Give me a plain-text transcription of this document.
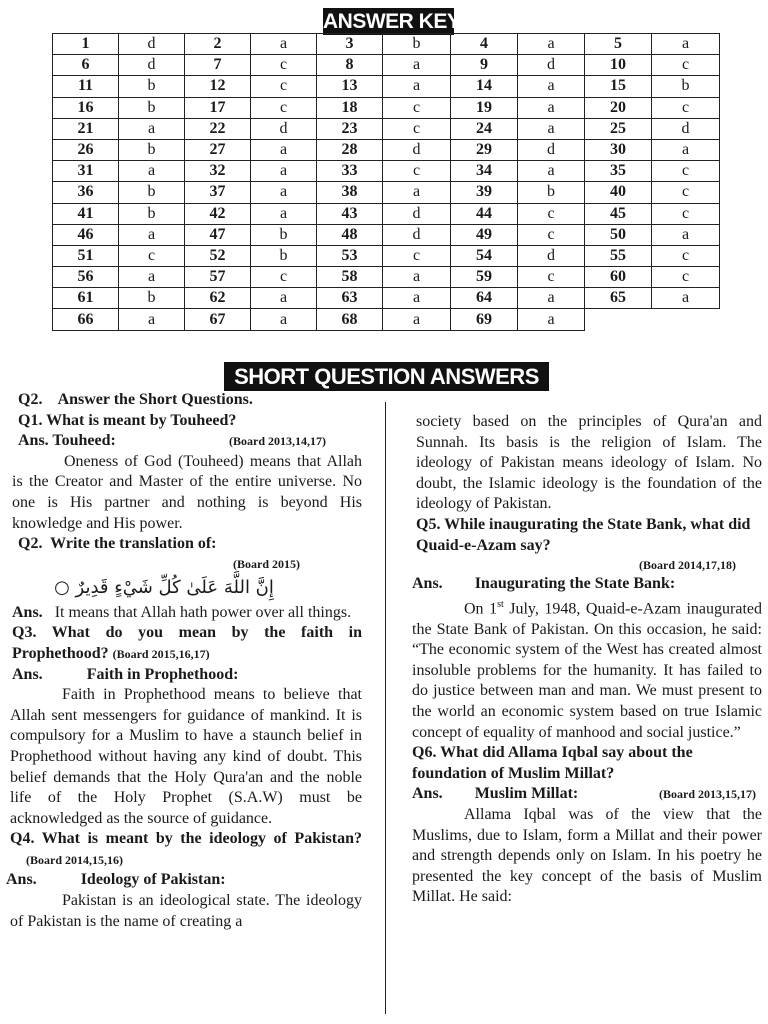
ANSWER KEY
1	d	2	a	3	b	4	a	5	a
6	d	7	c	8	a	9	d	10	c
11	b	12	c	13	a	14	a	15	b
16	b	17	c	18	c	19	a	20	c
21	a	22	d	23	c	24	a	25	d
26	b	27	a	28	d	29	d	30	a
31	a	32	a	33	c	34	a	35	c
36	b	37	a	38	a	39	b	40	c
41	b	42	a	43	d	44	c	45	c
46	a	47	b	48	d	49	c	50	a
51	c	52	b	53	c	54	d	55	c
56	a	57	c	58	a	59	c	60	c
61	b	62	a	63	a	64	a	65	a
66	a	67	a	68	a	69	a		
SHORT QUESTION ANSWERS
Q2.    Answer the Short Questions.
Q1. What is meant by Touheed?
Ans. Touheed:	(Board 2013,14,17)
Oneness of God (Touheed) means that Allah is the Creator and Master of the entire universe. No one is His partner and nothing is beyond His knowledge and His power.
Q2.  Write the translation of:
(Board 2015)
إِنَّ اللَّهَ عَلَىٰ كُلِّ شَيْءٍ قَدِيرٌ ○
Ans. It means that Allah hath power over all things.
Q3. What do you mean by the faith in Prophethood? (Board 2015,16,17)
Ans.	Faith in Prophethood:
Faith in Prophethood means to believe that Allah sent messengers for guidance of mankind. It is compulsory for a Muslim to have a staunch belief in Prophethood without having any kind of doubt. This belief demands that the Holy Qura'an and the noble life of the Holy Prophet (S.A.W) must be acknowledged as the source of guidance.
Q4. What is meant by the ideology of Pakistan? (Board 2014,15,16)
Ans.	Ideology of Pakistan:
Pakistan is an ideological state. The ideology of Pakistan is the name of creating a
society based on the principles of Qura'an and Sunnah. Its basis is the religion of Islam. The ideology of Pakistan means ideology of Islam. No doubt, the Islamic ideology is the foundation of the ideology of Pakistan.
Q5. While inaugurating the State Bank, what did Quaid-e-Azam say?
(Board 2014,17,18)
Ans. Inaugurating the State Bank:
On 1st July, 1948, Quaid-e-Azam inaugurated the State Bank of Pakistan. On this occasion, he said: “The economic system of the West has created almost insoluble problems for the humanity. It has failed to do justice between man and man. We must present to the world an economic system based on true Islamic concept of equality of manhood and social justice.”
Q6. What did Allama Iqbal say about the foundation of Muslim Millat?
Ans. Muslim Millat:	(Board 2013,15,17)
Allama Iqbal was of the view that the Muslims, due to Islam, form a Millat and their power and strength depends only on Islam. In his poetry he presented the key concept of the basis of Muslim Millat. He said:
